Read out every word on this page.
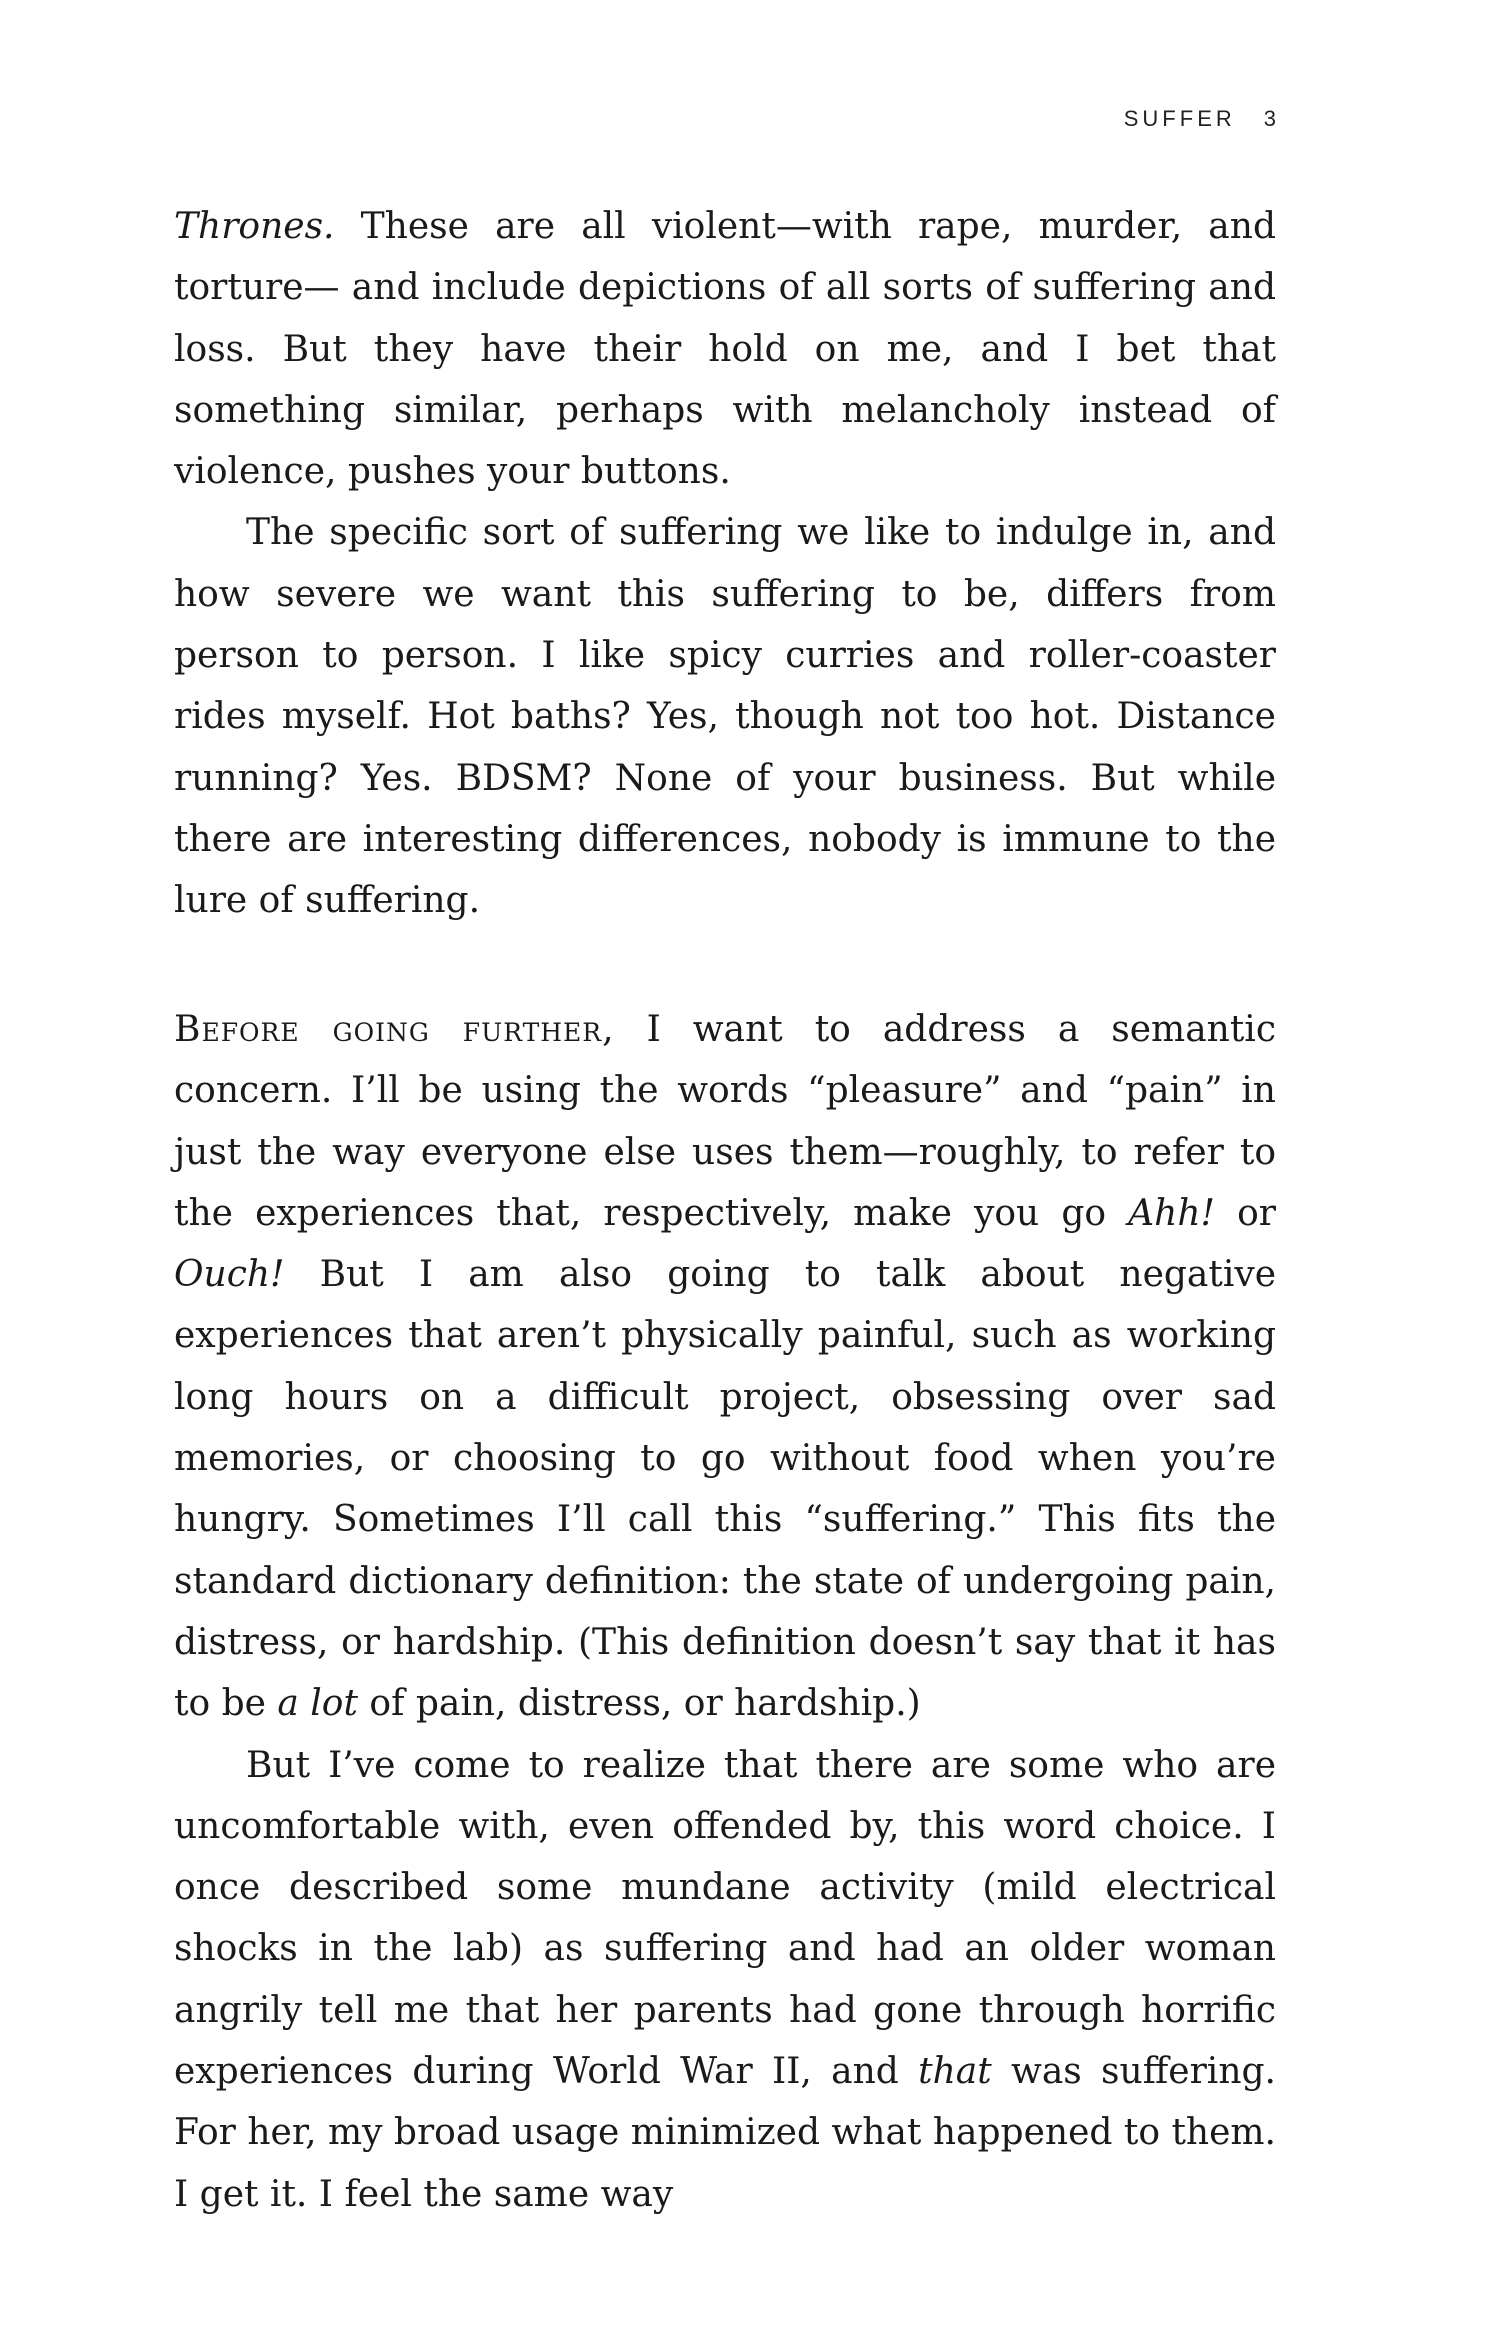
SUFFER 3

Thrones. These are all violent—with rape, murder, and torture— and include depictions of all sorts of suffering and loss. But they have their hold on me, and I bet that something similar, perhaps with melancholy instead of violence, pushes your buttons.

The specific sort of suffering we like to indulge in, and how severe we want this suffering to be, differs from person to person. I like spicy curries and roller-coaster rides myself. Hot baths? Yes, though not too hot. Distance running? Yes. BDSM? None of your business. But while there are interesting differences, nobody is immune to the lure of suffering.

Before going further, I want to address a semantic concern. I’ll be using the words “pleasure” and “pain” in just the way everyone else uses them—roughly, to refer to the experiences that, respectively, make you go Ahh! or Ouch! But I am also going to talk about negative experiences that aren’t physically painful, such as working long hours on a difficult project, obsessing over sad memories, or choosing to go without food when you’re hungry. Sometimes I’ll call this “suffering.” This fits the standard dictionary definition: the state of undergoing pain, distress, or hardship. (This definition doesn’t say that it has to be a lot of pain, distress, or hardship.)

But I’ve come to realize that there are some who are uncomfortable with, even offended by, this word choice. I once described some mundane activity (mild electrical shocks in the lab) as suffering and had an older woman angrily tell me that her parents had gone through horrific experiences during World War II, and that was suffering. For her, my broad usage minimized what happened to them. I get it. I feel the same way
